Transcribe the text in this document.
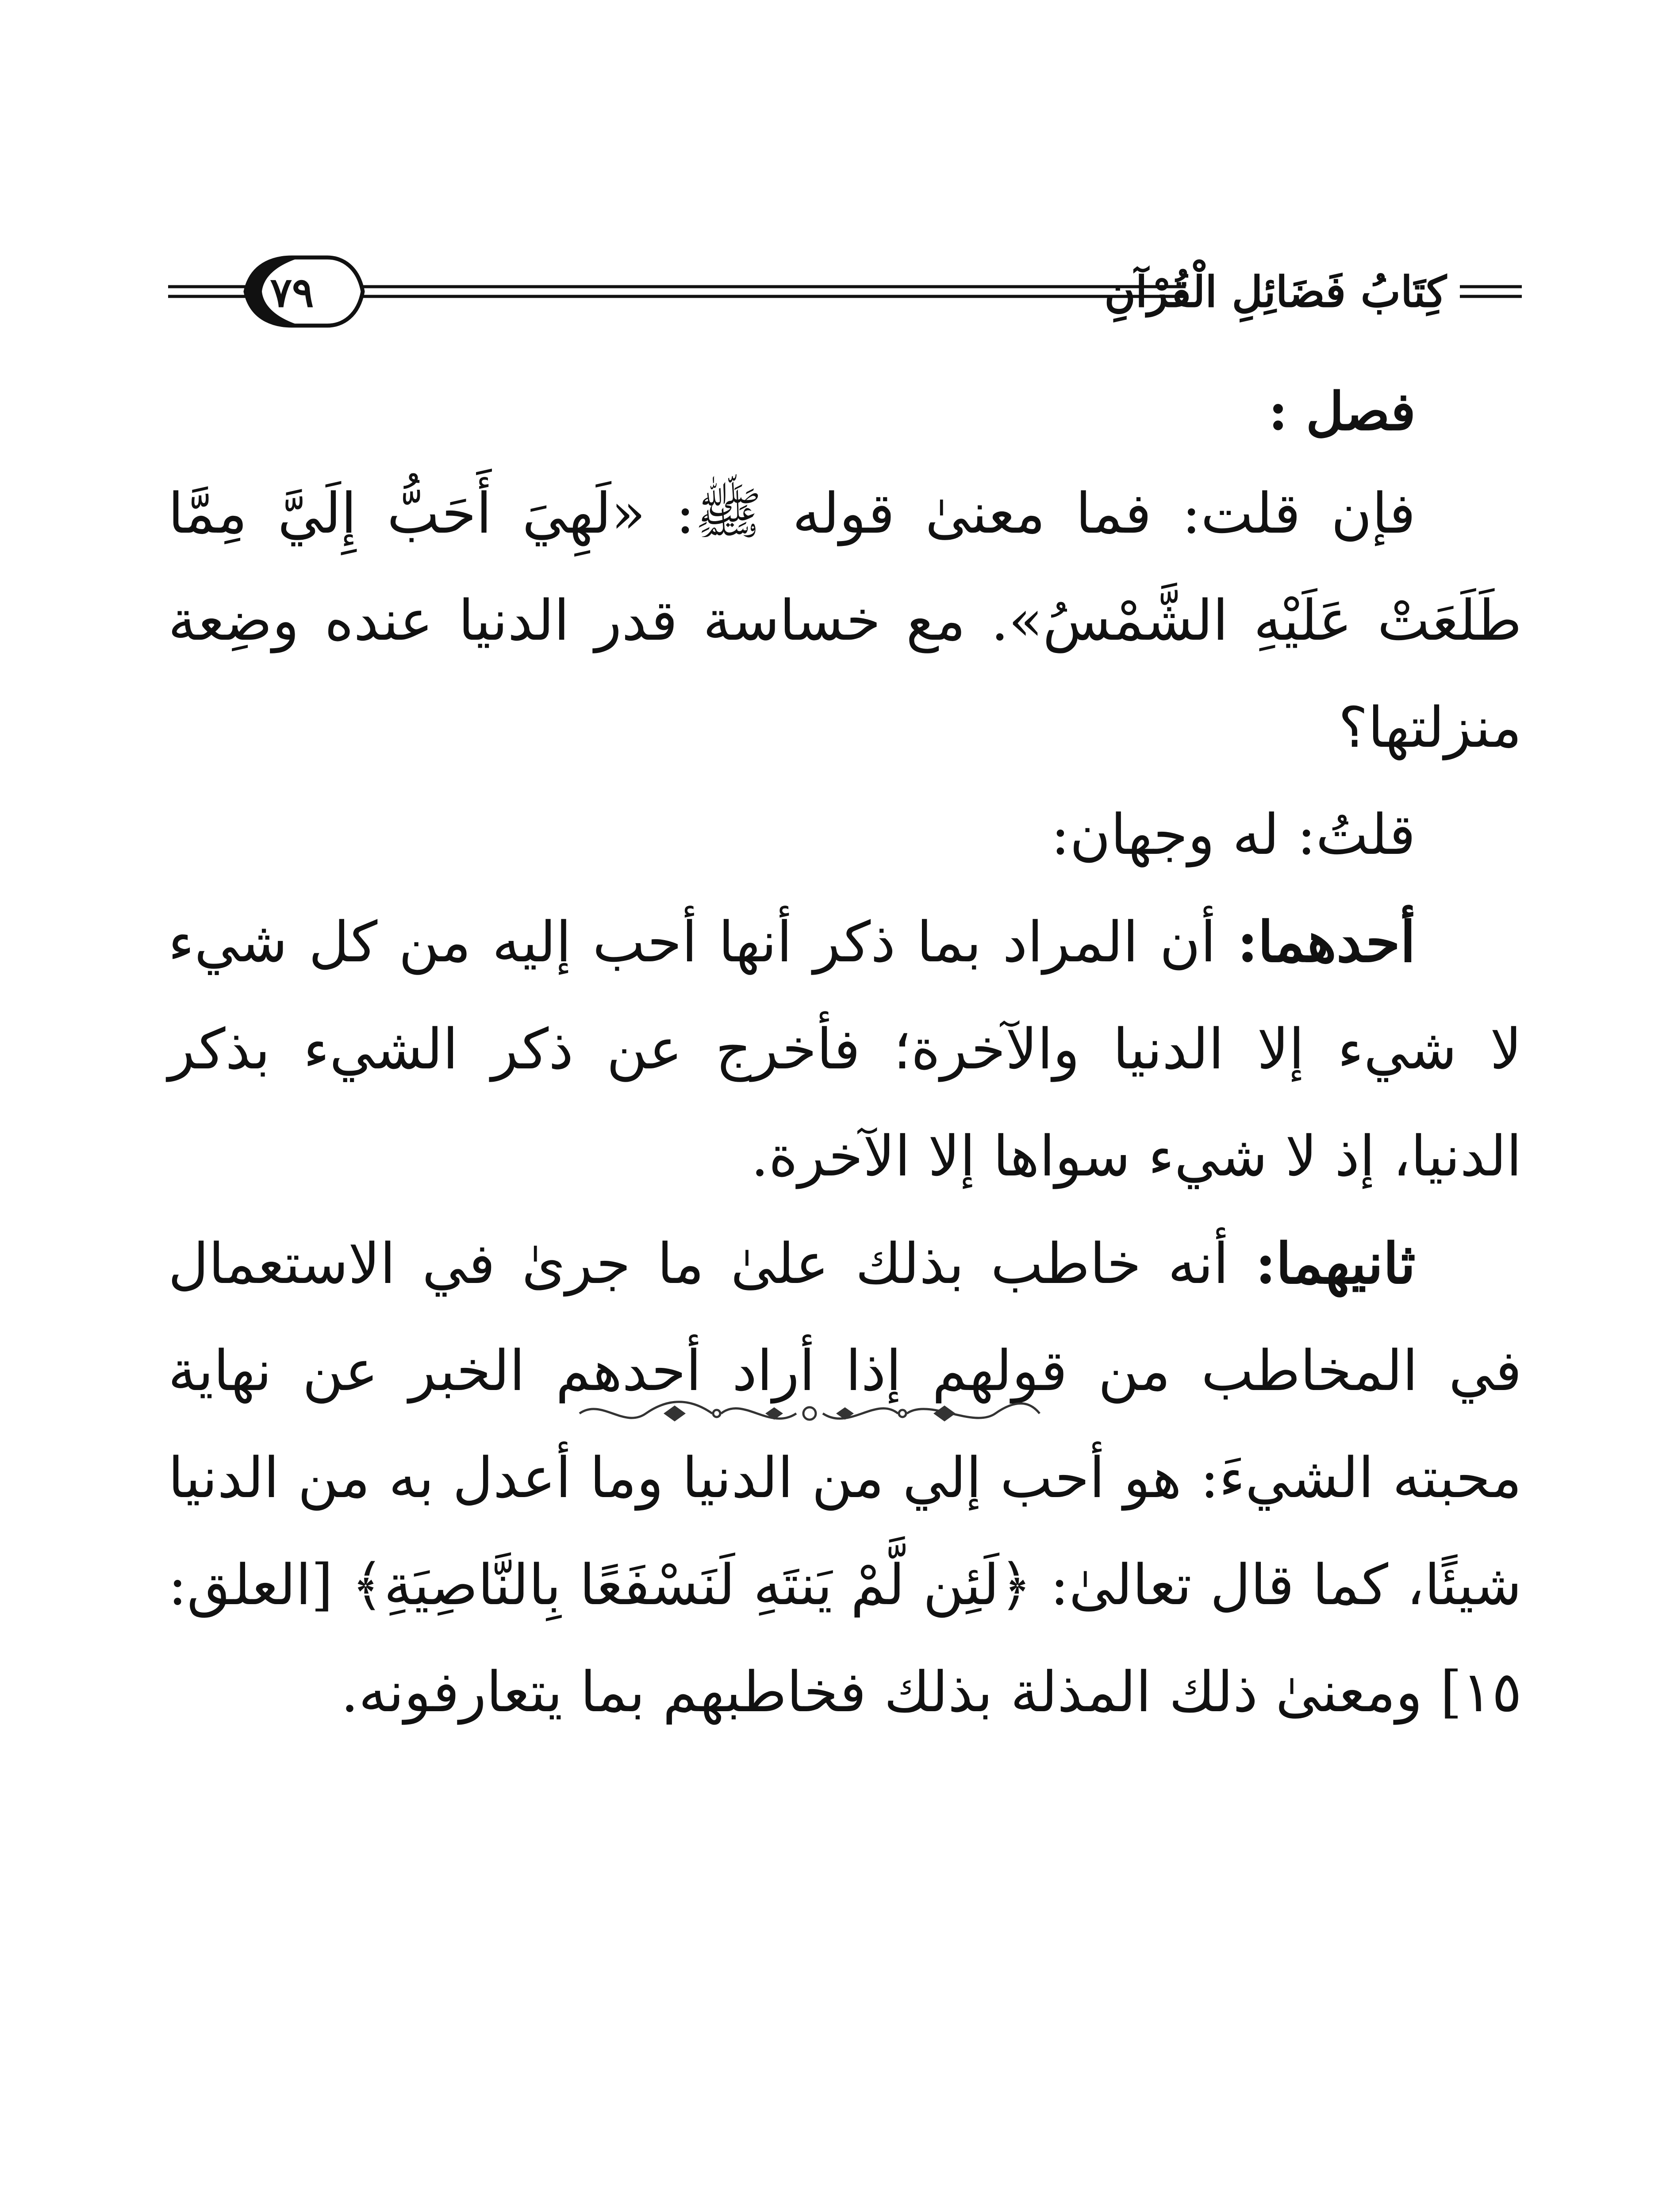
٧٩	كِتَابُ فَضَائِلِ الْقُرْآنِ

فصل :

فإن قلت: فما معنىٰ قوله ﷺ: «لَهِيَ أَحَبُّ إِلَيَّ مِمَّا طَلَعَتْ عَلَيْهِ الشَّمْسُ». مع خساسة قدر الدنيا عنده وضِعة منزلتها؟

قلتُ: له وجهان:

أحدهما: أن المراد بما ذكر أنها أحب إليه من كل شيء لا شيء إلا الدنيا والآخرة؛ فأخرج عن ذكر الشيء بذكر الدنيا، إذ لا شيء سواها إلا الآخرة.

ثانيهما: أنه خاطب بذلك علىٰ ما جرىٰ في الاستعمال في المخاطب من قولهم إذا أراد أحدهم الخبر عن نهاية محبته الشيءَ: هو أحب إلي من الدنيا وما أعدل به من الدنيا شيئًا، كما قال تعالىٰ: ﴿لَئِن لَّمْ يَنتَهِ لَنَسْفَعًا بِالنَّاصِيَةِ﴾ [العلق: ١٥] ومعنىٰ ذلك المذلة بذلك فخاطبهم بما يتعارفونه.
